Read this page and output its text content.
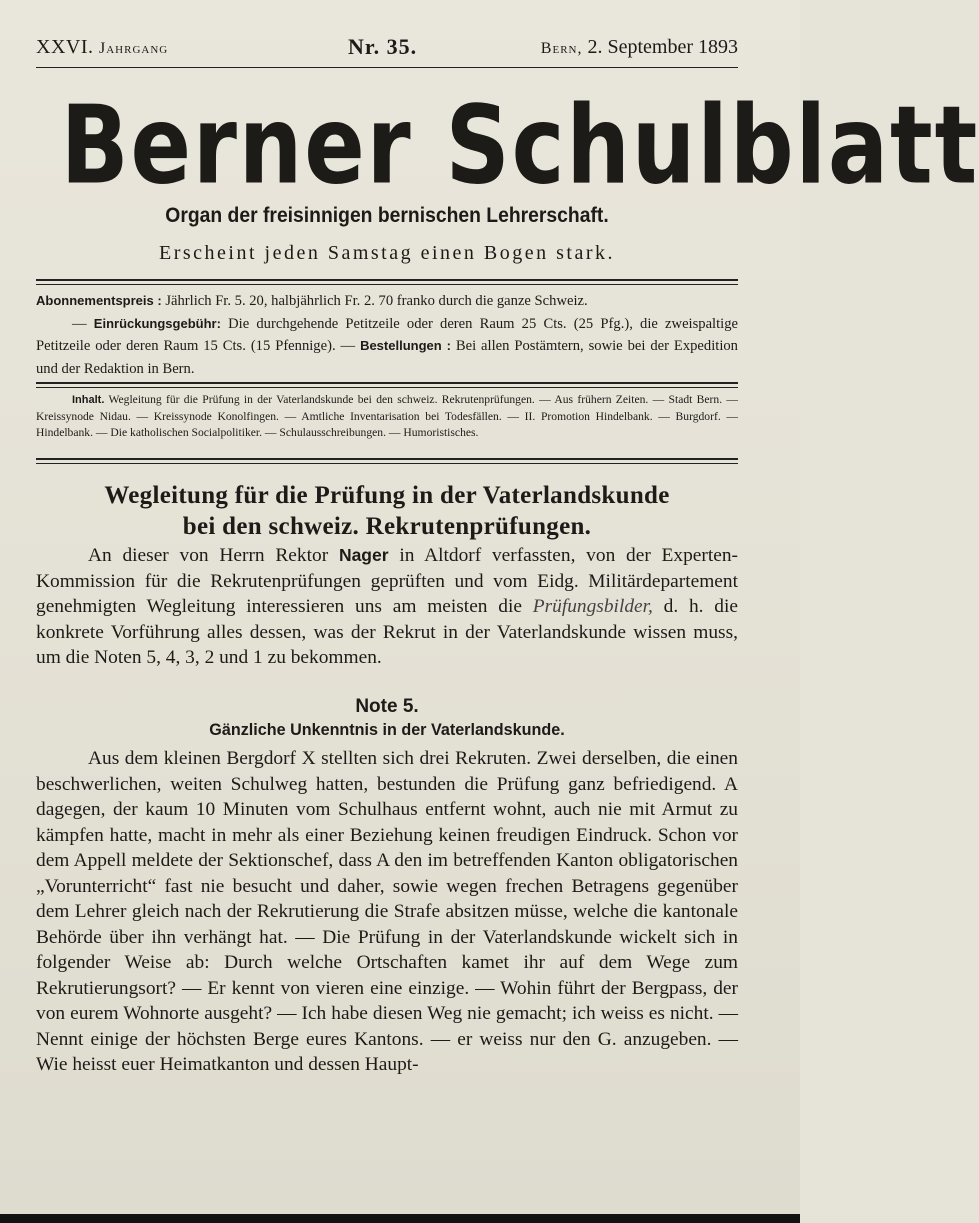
XXVI. Jahrgang	Nr. 35.	Bern, 2. September 1893
Berner Schulblatt
Organ der freisinnigen bernischen Lehrerschaft.
Erscheint jeden Samstag einen Bogen stark.

Abonnementspreis : Jährlich Fr. 5. 20, halbjährlich Fr. 2. 70 franko durch die ganze Schweiz.

— Einrückungsgebühr: Die durchgehende Petitzeile oder deren Raum 25 Cts. (25 Pfg.), die zweispaltige Petitzeile oder deren Raum 15 Cts. (15 Pfennige). — Bestellungen : Bei allen Postämtern, sowie bei der Expedition und der Redaktion in Bern.

Inhalt. Wegleitung für die Prüfung in der Vaterlandskunde bei den schweiz. Rekrutenprüfungen. — Aus frühern Zeiten. — Stadt Bern. — Kreissynode Nidau. — Kreissynode Konolfingen. — Amtliche Inventarisation bei Todesfällen. — II. Promotion Hindelbank. — Burgdorf. — Hindelbank. — Die katholischen Socialpolitiker. — Schulausschreibungen. — Humoristisches.

Wegleitung für die Prüfung in der Vaterlandskunde
bei den schweiz. Rekrutenprüfungen.

An dieser von Herrn Rektor Nager in Altdorf verfassten, von der Experten-Kommission für die Rekrutenprüfungen geprüften und vom Eidg. Militärdepartement genehmigten Wegleitung interessieren uns am meisten die Prüfungsbilder, d. h. die konkrete Vorführung alles dessen, was der Rekrut in der Vaterlandskunde wissen muss, um die Noten 5, 4, 3, 2 und 1 zu bekommen.

Note 5.
Gänzliche Unkenntnis in der Vaterlandskunde.

Aus dem kleinen Bergdorf X stellten sich drei Rekruten. Zwei derselben, die einen beschwerlichen, weiten Schulweg hatten, bestunden die Prüfung ganz befriedigend. A dagegen, der kaum 10 Minuten vom Schulhaus entfernt wohnt, auch nie mit Armut zu kämpfen hatte, macht in mehr als einer Beziehung keinen freudigen Eindruck. Schon vor dem Appell meldete der Sektionschef, dass A den im betreffenden Kanton obligatorischen „Vorunterricht“ fast nie besucht und daher, sowie wegen frechen Betragens gegenüber dem Lehrer gleich nach der Rekrutierung die Strafe absitzen müsse, welche die kantonale Behörde über ihn verhängt hat. — Die Prüfung in der Vaterlandskunde wickelt sich in folgender Weise ab: Durch welche Ortschaften kamet ihr auf dem Wege zum Rekrutierungsort? — Er kennt von vieren eine einzige. — Wohin führt der Bergpass, der von eurem Wohnorte ausgeht? — Ich habe diesen Weg nie gemacht; ich weiss es nicht. — Nennt einige der höchsten Berge eures Kantons. — er weiss nur den G. anzugeben. — Wie heisst euer Heimatkanton und dessen Haupt-
